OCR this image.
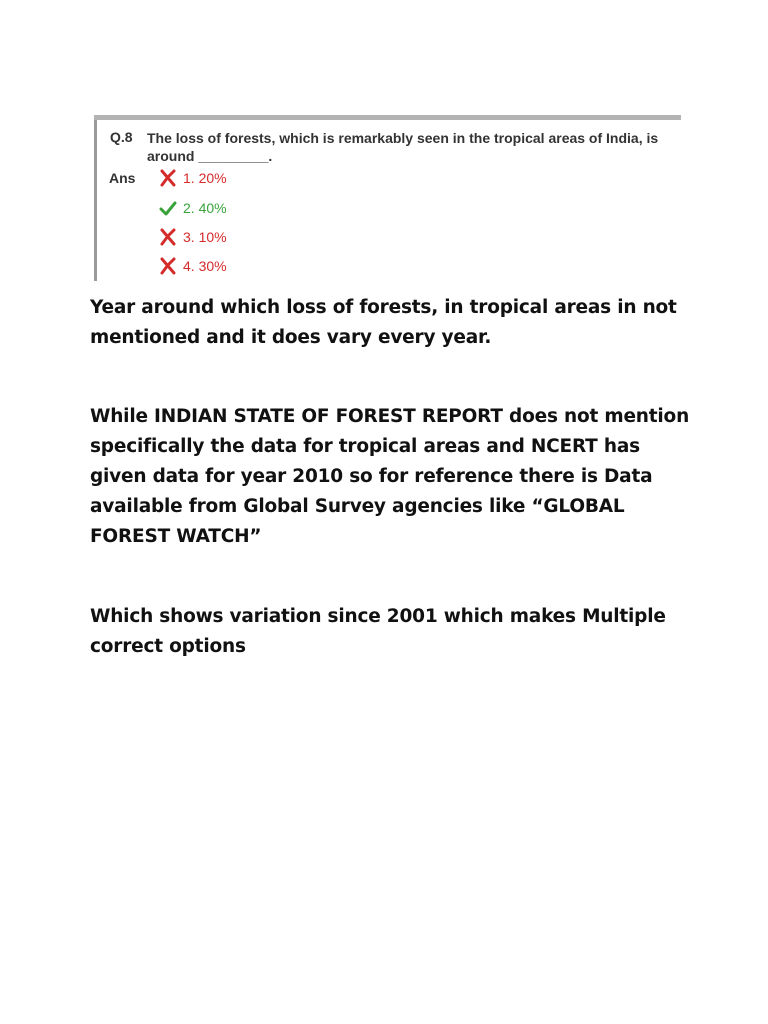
Q.8 The loss of forests, which is remarkably seen in the tropical areas of India, is around _________.
Ans	1. 20%
2. 40%
3. 10%
4. 30%

Year around which loss of forests, in tropical areas in not mentioned and it does vary every year.

While INDIAN STATE OF FOREST REPORT does not mention specifically the data for tropical areas and NCERT has given data for year 2010 so for reference there is Data available from Global Survey agencies like “GLOBAL FOREST WATCH”

Which shows variation since 2001 which makes Multiple correct options
